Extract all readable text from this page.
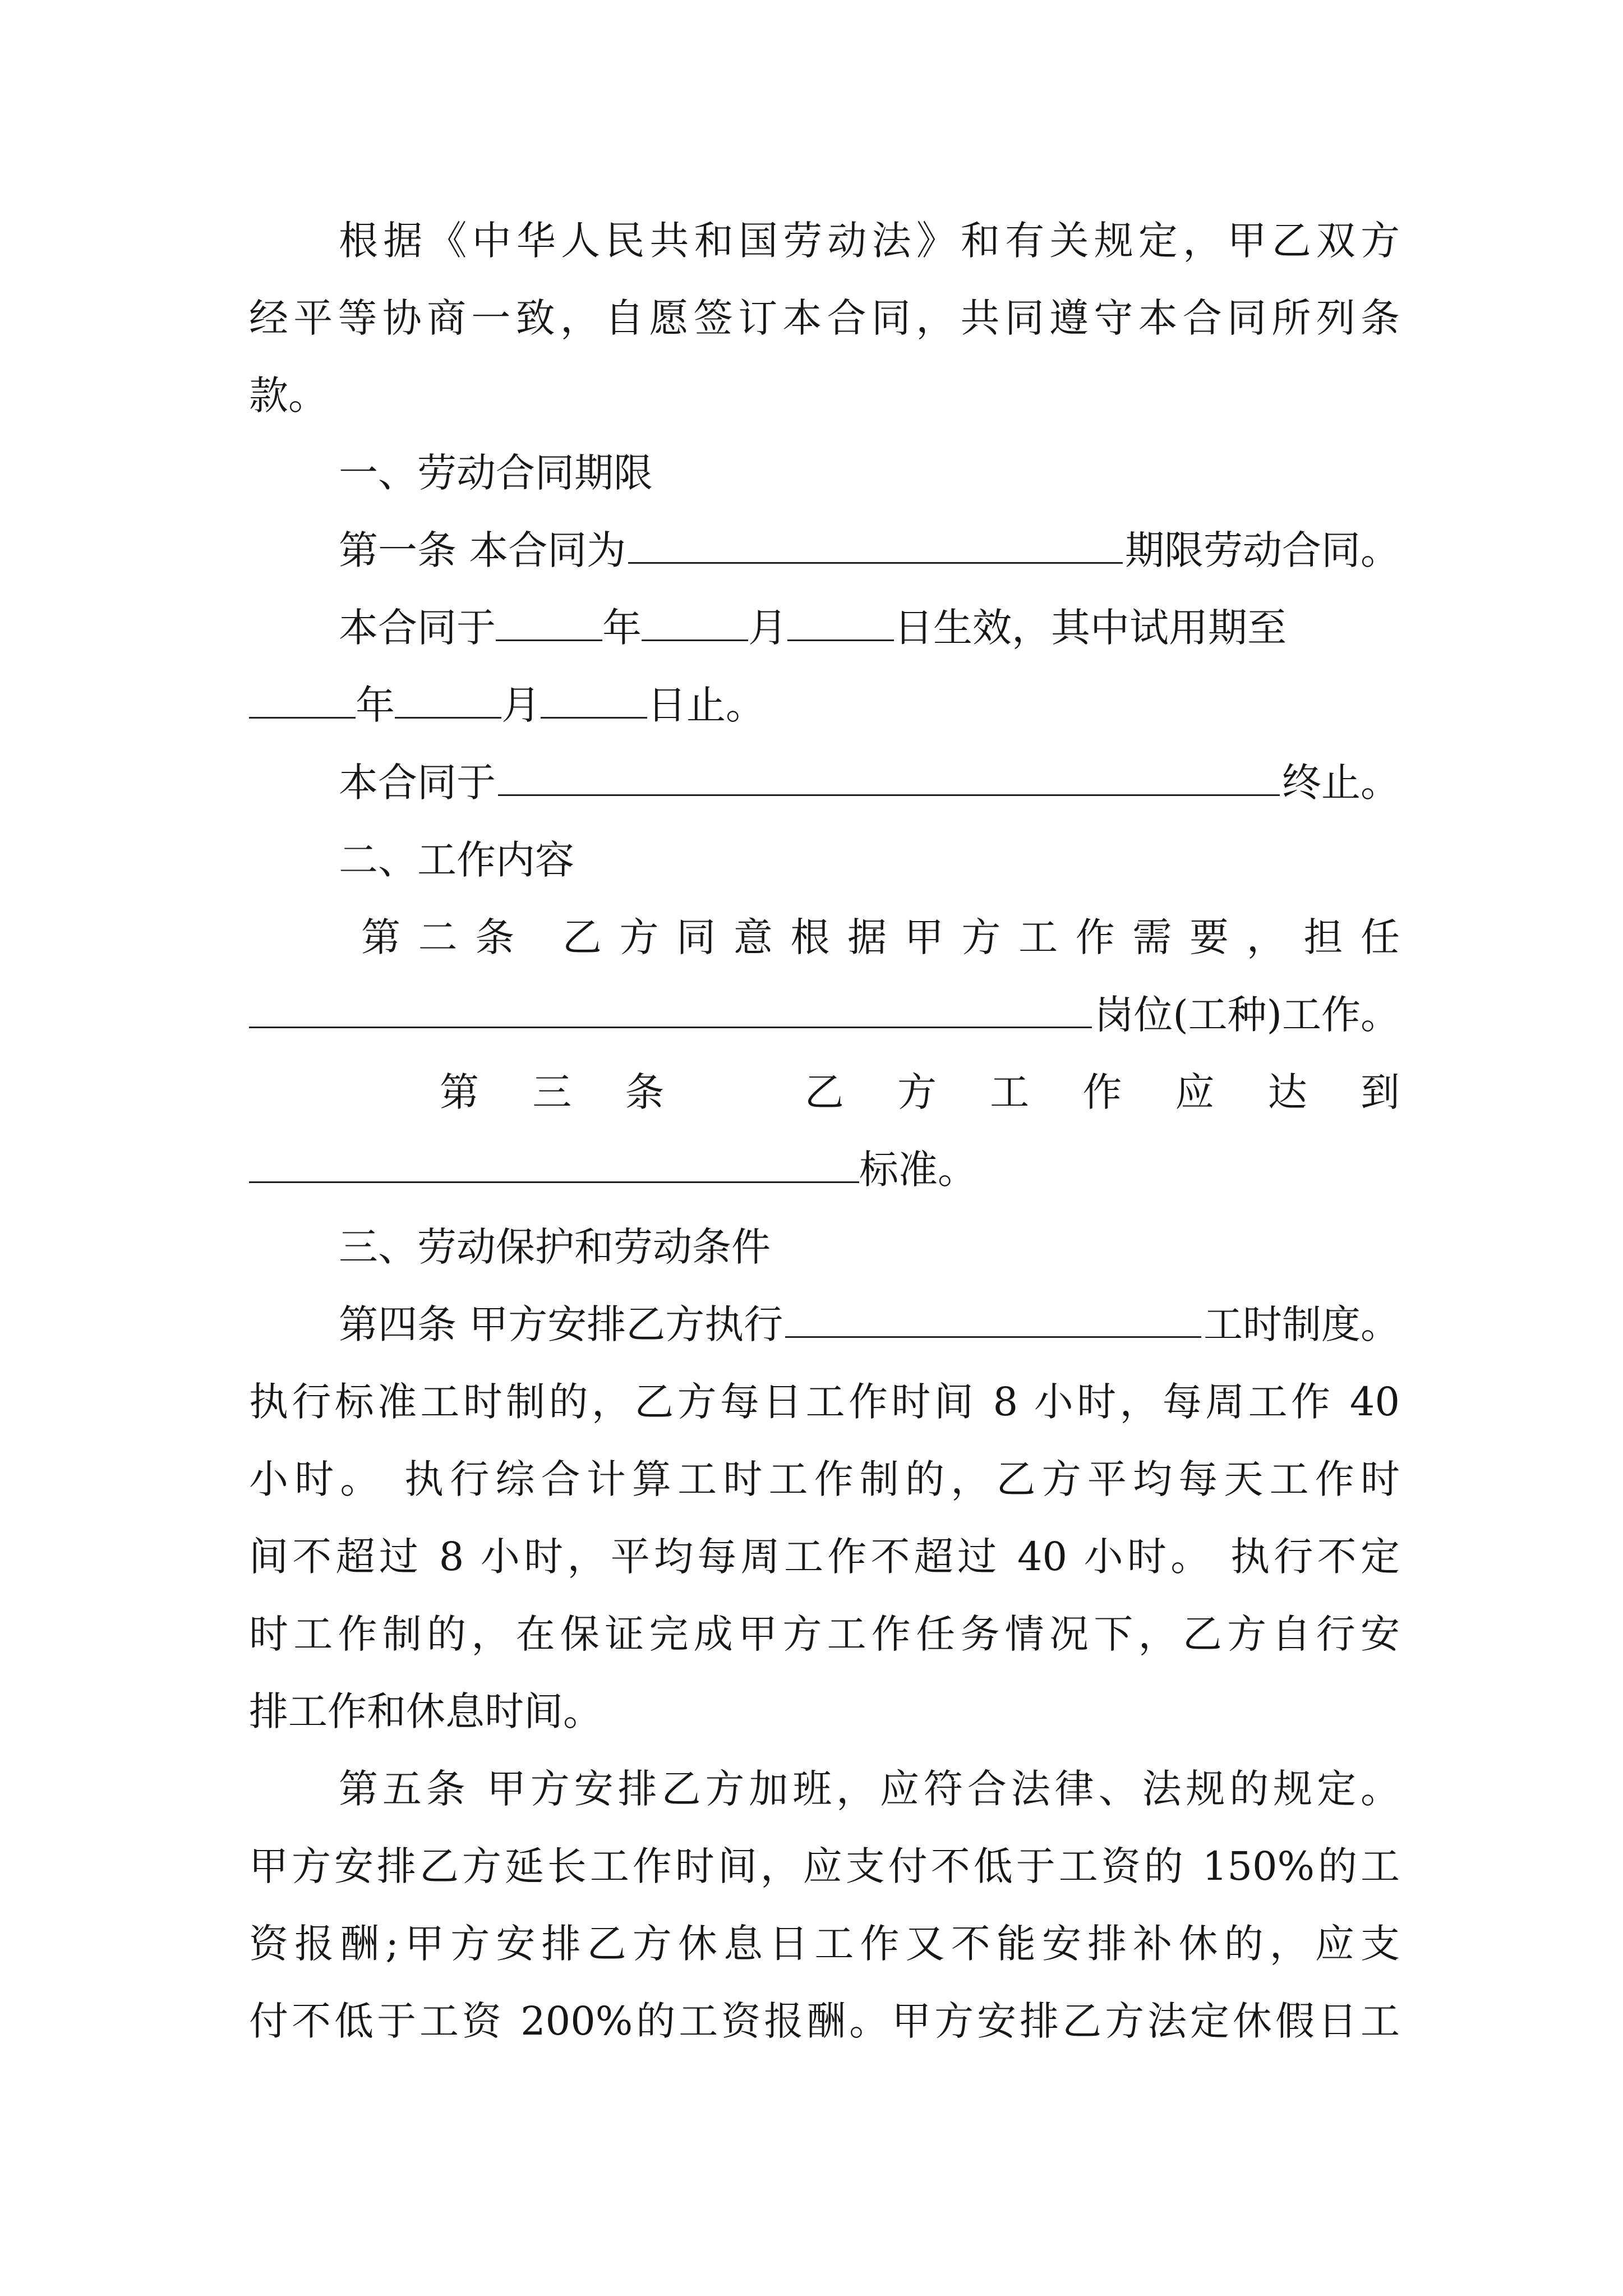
根据《中华人民共和国劳动法》和有关规定，甲乙双方
经平等协商一致，自愿签订本合同，共同遵守本合同所列条
款。
一、劳动合同期限
第一条 本合同为	期限劳动合同。
本合同于	年	月	日生效，其中试用期至
年	月	日止。
本合同于	终止。
二、工作内容
第二条 乙方同意根据甲方工作需要，担任
岗位(工种)工作。
第 三 条	乙 方 工 作 应 达 到
标准。
三、劳动保护和劳动条件
第四条 甲方安排乙方执行	工时制度。
执行标准工时制的，乙方每日工作时间 8 小时，每周工作 40
小时。 执行综合计算工时工作制的，乙方平均每天工作时
间不超过 8 小时，平均每周工作不超过 40 小时。 执行不定
时工作制的，在保证完成甲方工作任务情况下，乙方自行安
排工作和休息时间。
第五条 甲方安排乙方加班，应符合法律、法规的规定。
甲方安排乙方延长工作时间，应支付不低于工资的 150%的工
资报酬;甲方安排乙方休息日工作又不能安排补休的，应支
付不低于工资 200%的工资报酬。甲方安排乙方法定休假日工
